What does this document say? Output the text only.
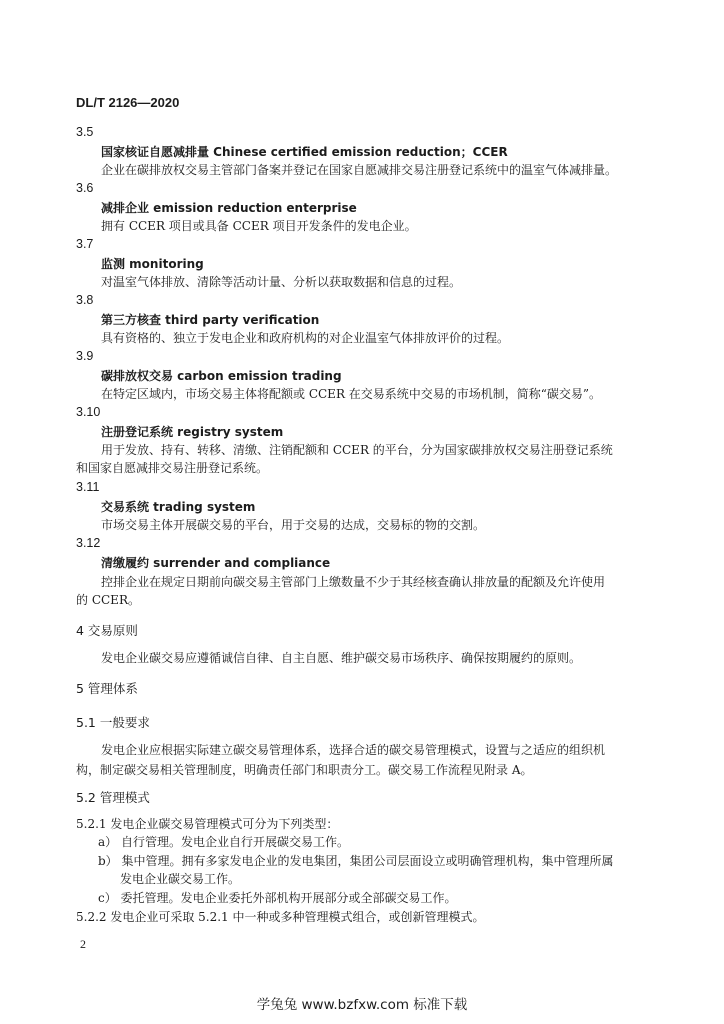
DL/T 2126—2020
3.5
国家核证自愿减排量 Chinese certified emission reduction；CCER
企业在碳排放权交易主管部门备案并登记在国家自愿减排交易注册登记系统中的温室气体减排量。
3.6
减排企业 emission reduction enterprise
拥有 CCER 项目或具备 CCER 项目开发条件的发电企业。
3.7
监测 monitoring
对温室气体排放、清除等活动计量、分析以获取数据和信息的过程。
3.8
第三方核查 third party verification
具有资格的、独立于发电企业和政府机构的对企业温室气体排放评价的过程。
3.9
碳排放权交易 carbon emission trading
在特定区域内，市场交易主体将配额或 CCER 在交易系统中交易的市场机制，简称“碳交易”。
3.10
注册登记系统 registry system
用于发放、持有、转移、清缴、注销配额和 CCER 的平台，分为国家碳排放权交易注册登记系统
和国家自愿减排交易注册登记系统。
3.11
交易系统 trading system
市场交易主体开展碳交易的平台，用于交易的达成，交易标的物的交割。
3.12
清缴履约 surrender and compliance
控排企业在规定日期前向碳交易主管部门上缴数量不少于其经核查确认排放量的配额及允许使用
的 CCER。
4 交易原则
发电企业碳交易应遵循诚信自律、自主自愿、维护碳交易市场秩序、确保按期履约的原则。
5 管理体系
5.1 一般要求
发电企业应根据实际建立碳交易管理体系，选择合适的碳交易管理模式，设置与之适应的组织机
构，制定碳交易相关管理制度，明确责任部门和职责分工。碳交易工作流程见附录 A。
5.2 管理模式
5.2.1 发电企业碳交易管理模式可分为下列类型：
a） 自行管理。发电企业自行开展碳交易工作。
b） 集中管理。拥有多家发电企业的发电集团，集团公司层面设立或明确管理机构，集中管理所属
发电企业碳交易工作。
c） 委托管理。发电企业委托外部机构开展部分或全部碳交易工作。
5.2.2 发电企业可采取 5.2.1 中一种或多种管理模式组合，或创新管理模式。
2
学兔兔 www.bzfxw.com 标准下载
